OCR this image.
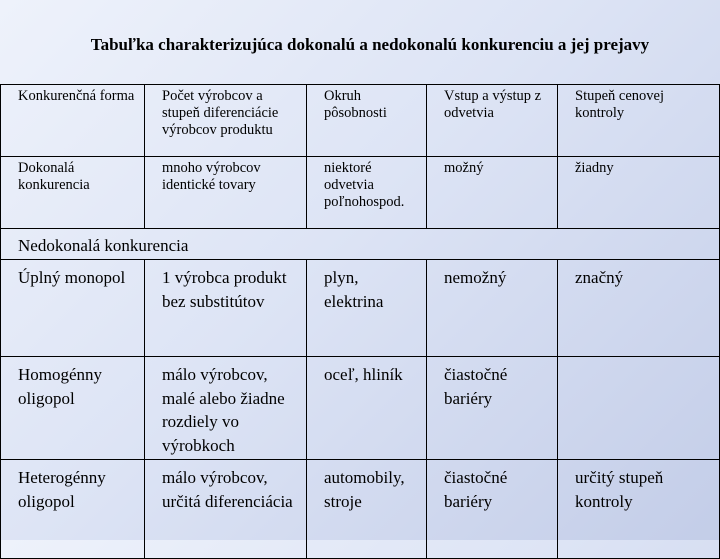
Tabuľka charakterizujúca dokonalú a nedokonalú konkurenciu a jej prejavy
Konkurenčná forma	Počet výrobcov a stupeň diferenciácie výrobcov produktu	Okruh pôsobnosti	Vstup a výstup z odvetvia	Stupeň cenovej kontroly
Dokonalá konkurencia	mnoho výrobcov identické tovary	niektoré odvetvia poľnohospod.	možný	žiadny
Nedokonalá konkurencia				
Úplný monopol	1 výrobca produkt bez substitútov	plyn, elektrina	nemožný	značný
Homogénny oligopol	málo výrobcov, malé alebo žiadne rozdiely vo výrobkoch	oceľ, hliník	čiastočné bariéry	
Heterogénny oligopol	málo výrobcov, určitá diferenciácia	automobily, stroje	čiastočné bariéry	určitý stupeň kontroly
